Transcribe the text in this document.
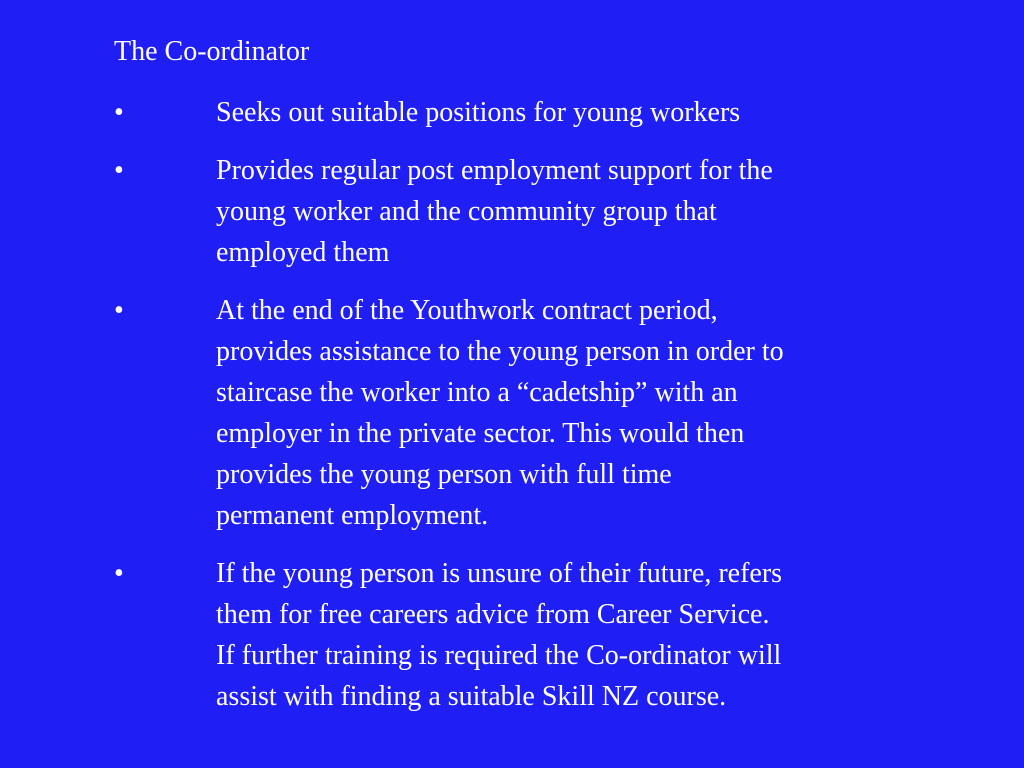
The Co-ordinator
•	Seeks out suitable positions for young workers
•	Provides regular post employment support for the
young worker and the community group that
employed them
•	At the end of the Youthwork contract period,
provides assistance to the young person in order to
staircase the worker into a “cadetship” with an
employer in the private sector. This would then
provides the young person with full time
permanent employment.
•	If the young person is unsure of their future, refers
them for free careers advice from Career Service.
If further training is required the Co-ordinator will
assist with finding a suitable Skill NZ course.
